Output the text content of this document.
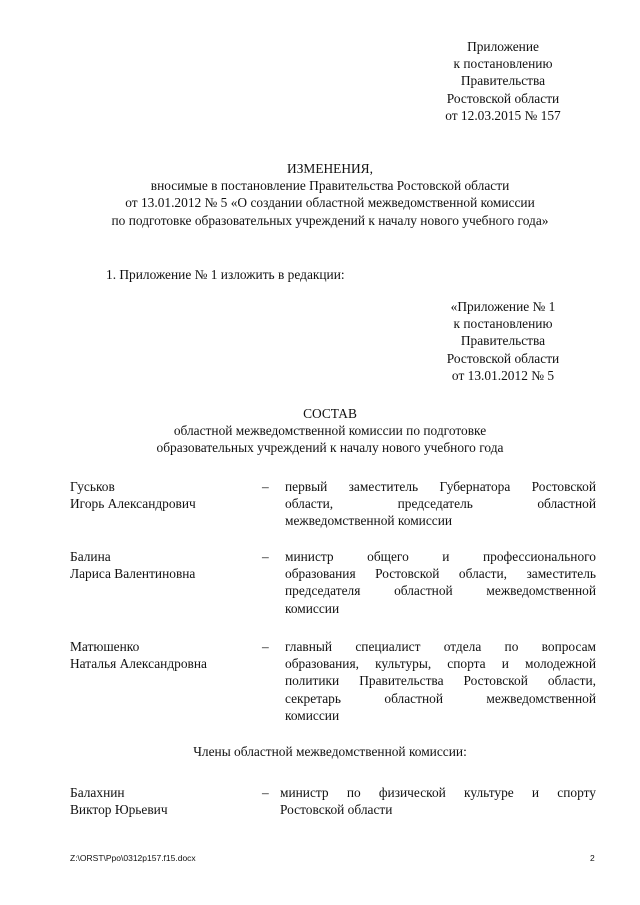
Приложение
к постановлению
Правительства
Ростовской области
от 12.03.2015 № 157
ИЗМЕНЕНИЯ,
вносимые в постановление Правительства Ростовской области
от 13.01.2012 № 5 «О создании областной межведомственной комиссии
по подготовке образовательных учреждений к началу нового учебного года»
1. Приложение № 1 изложить в редакции:
«Приложение № 1
к постановлению
Правительства
Ростовской области
от 13.01.2012 № 5
СОСТАВ
областной межведомственной комиссии по подготовке
образовательных учреждений к началу нового учебного года
Гуськов
Игорь Александрович
– первый заместитель Губернатора Ростовской
области, председатель областной
межведомственной комиссии
Балина
Лариса Валентиновна
– министр общего и профессионального
образования Ростовской области, заместитель
председателя областной межведомственной
комиссии
Матюшенко
Наталья Александровна
– главный специалист отдела по вопросам
образования, культуры, спорта и молодежной
политики Правительства Ростовской области,
секретарь областной межведомственной
комиссии
Члены областной межведомственной комиссии:
Балахнин
Виктор Юрьевич
– министр по физической культуре и спорту
Ростовской области
Z:\ORST\Ppo\0312p157.f15.docx	2
